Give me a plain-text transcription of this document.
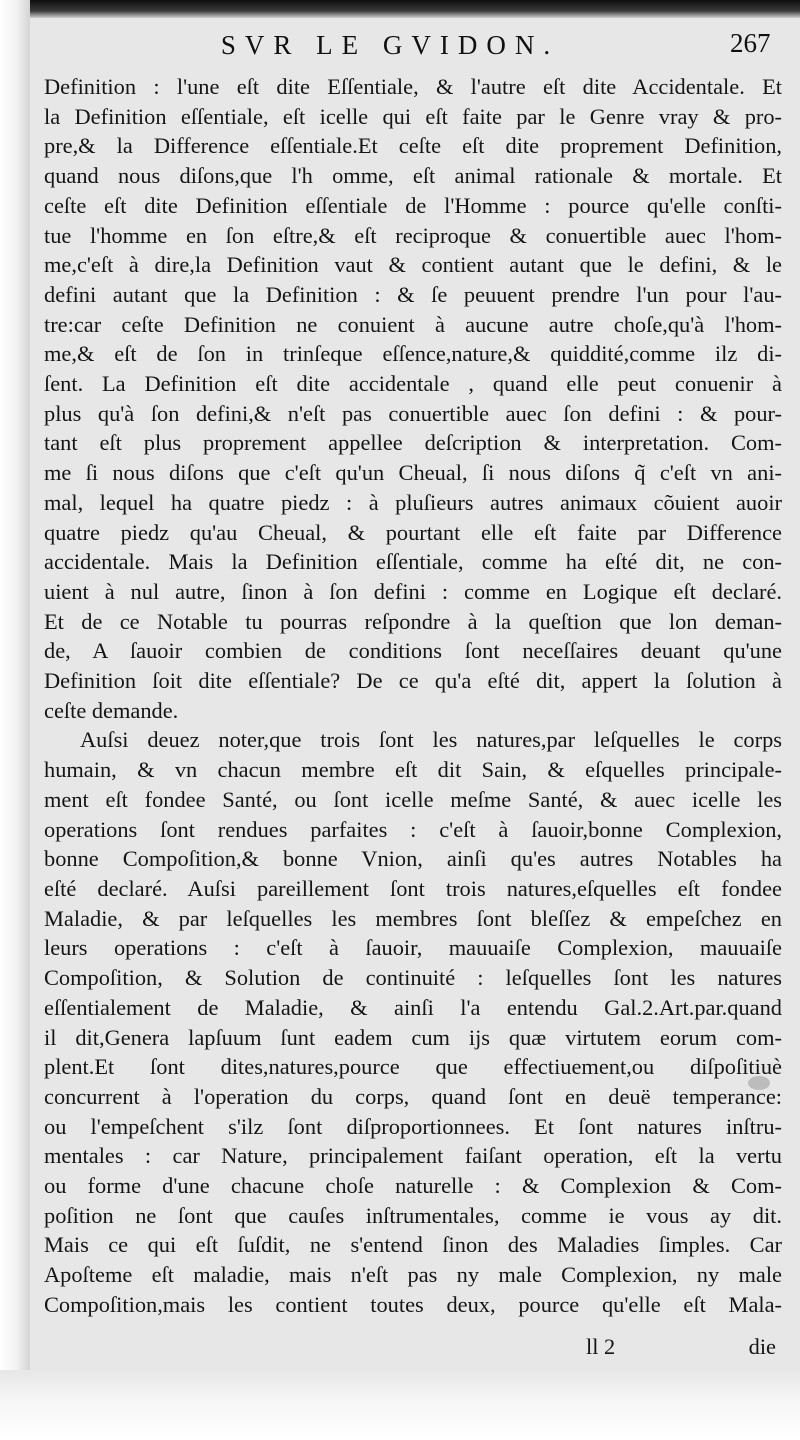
SVR LE GVIDON.	267
Definition : l'une eſt dite Eſſentiale, & l'autre eſt dite Accidentale. Et
la Definition eſſentiale, eſt icelle qui eſt faite par le Genre vray & pro-
pre,& la Difference eſſentiale.Et ceſte eſt dite proprement Definition,
quand nous diſons,que l'h omme, eſt animal rationale & mortale. Et
ceſte eſt dite Definition eſſentiale de l'Homme : pource qu'elle conſti-
tue l'homme en ſon eſtre,& eſt reciproque & conuertible auec l'hom-
me,c'eſt à dire,la Definition vaut & contient autant que le defini, & le
defini autant que la Definition : & ſe peuuent prendre l'un pour l'au-
tre:car ceſte Definition ne conuient à aucune autre choſe,qu'à l'hom-
me,& eſt de ſon in trinſeque eſſence,nature,& quiddité,comme ilz di-
ſent. La Definition eſt dite accidentale , quand elle peut conuenir à
plus qu'à ſon defini,& n'eſt pas conuertible auec ſon defini : & pour-
tant eſt plus proprement appellee deſcription & interpretation. Com-
me ſi nous diſons que c'eſt qu'un Cheual, ſi nous diſons q̃ c'eſt vn ani-
mal, lequel ha quatre piedz : à pluſieurs autres animaux cõuient auoir
quatre piedz qu'au Cheual, & pourtant elle eſt faite par Difference
accidentale. Mais la Definition eſſentiale, comme ha eſté dit, ne con-
uient à nul autre, ſinon à ſon defini : comme en Logique eſt declaré.
Et de ce Notable tu pourras reſpondre à la queſtion que lon deman-
de, A ſauoir combien de conditions ſont neceſſaires deuant qu'une
Definition ſoit dite eſſentiale? De ce qu'a eſté dit, appert la ſolution à
ceſte demande.
Auſsi deuez noter,que trois ſont les natures,par leſquelles le corps
humain, & vn chacun membre eſt dit Sain, & eſquelles principale-
ment eſt fondee Santé, ou ſont icelle meſme Santé, & auec icelle les
operations ſont rendues parfaites : c'eſt à ſauoir,bonne Complexion,
bonne Compoſition,& bonne Vnion, ainſi qu'es autres Notables ha
eſté declaré. Auſsi pareillement ſont trois natures,eſquelles eſt fondee
Maladie, & par leſquelles les membres ſont bleſſez & empeſchez en
leurs operations : c'eſt à ſauoir, mauuaiſe Complexion, mauuaiſe
Compoſition, & Solution de continuité : leſquelles ſont les natures
eſſentialement de Maladie, & ainſi l'a entendu Gal.2.Art.par.quand
il dit,Genera lapſuum ſunt eadem cum ijs quæ virtutem eorum com-
plent.Et ſont dites,natures,pource que effectiuement,ou diſpoſitiuè
concurrent à l'operation du corps, quand ſont en deuë temperance:
ou l'empeſchent s'ilz ſont diſproportionnees. Et ſont natures inſtru-
mentales : car Nature, principalement faiſant operation, eſt la vertu
ou forme d'une chacune choſe naturelle : & Complexion & Com-
poſition ne ſont que cauſes inſtrumentales, comme ie vous ay dit.
Mais ce qui eſt ſuſdit, ne s'entend ſinon des Maladies ſimples. Car
Apoſteme eſt maladie, mais n'eſt pas ny male Complexion, ny male
Compoſition,mais les contient toutes deux, pource qu'elle eſt Mala-
ll 2	die
